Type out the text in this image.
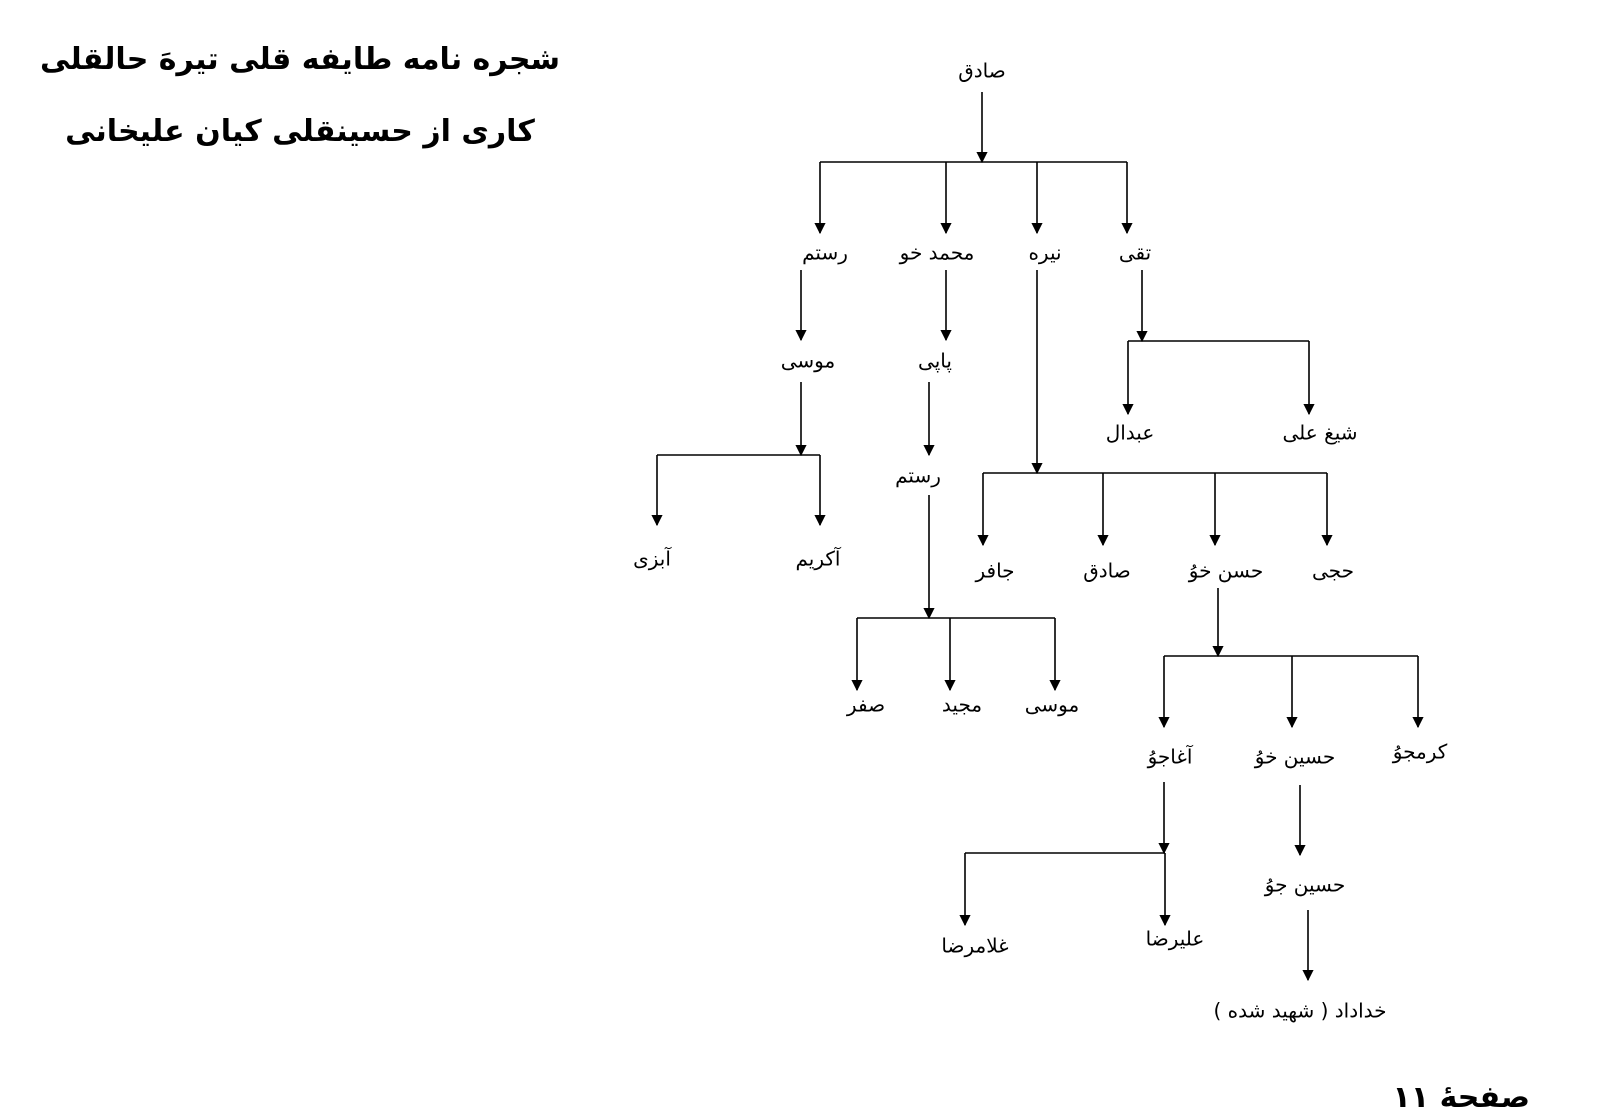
شجره نامه طایفه قلی تیرهَ حالقلی
کاری از حسینقلی کیان علیخانی
صادق
رستم	محمد خو	نیره	تقی
موسی
آبزی	آکریم
پاپی
رستم
صفر	مجید موسی
عبدال	شیغ علی
جافر	صادق	حسن خوُ حجی
آغاجوُ	حسین خوُ	کرمجوُ
غلامرضا	علیرضا
حسین جوُ
خداداد ( شهید شده )
صفحهٔ ۱۱
